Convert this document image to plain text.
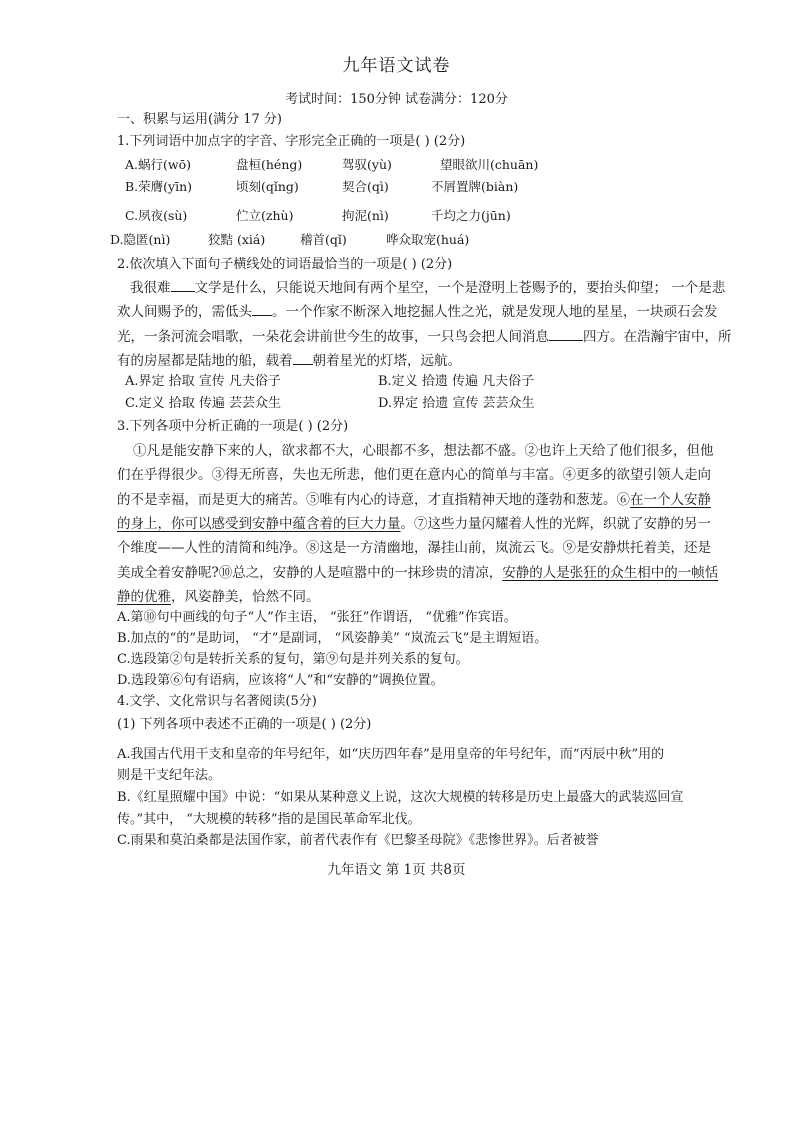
九年语文试卷
考试时间：150分钟 试卷满分：120分
一、积累与运用(满分 17 分)
1.下列词语中加点字的字音、字形完全正确的一项是( ) (2分)
A.蜗行(wō)	盘桓(héng)	驾驭(yù)	望眼欲川(chuān)
B.荣膺(yīn)	顷刻(qǐng)	契合(qì)	不屑置牌(biàn)
C.夙夜(sù)	伫立(zhù)	拘泥(nì)	千均之力(jūn)
D.隐匿(nì)	狡黠 (xiá)	稽首(qǐ)	哗众取宠(huá)
2.依次填入下面句子横线处的词语最恰当的一项是( ) (2分)
我很难 文学是什么，只能说天地间有两个星空，一个是澄明上苍赐予的，要抬头仰望； 一个是悲
欢人间赐予的，需低头 。一个作家不断深入地挖掘人性之光，就是发现人地的星星，一块顽石会发
光，一条河流会唱歌，一朵花会讲前世今生的故事，一只鸟会把人间消息	四方。在浩瀚宇宙中，所
有的房屋都是陆地的船，载着 朝着星光的灯塔，远航。
A.界定 拾取 宣传 凡夫俗子	B.定义 拾遗 传遍 凡夫俗子
C.定义 拾取 传遍 芸芸众生	D.界定 拾遗 宣传 芸芸众生
3.下列各项中分析正确的一项是( ) (2分)
①凡是能安静下来的人，欲求都不大，心眼都不多，想法都不盛。②也许上天给了他们很多，但他
们在乎得很少。③得无所喜，失也无所悲，他们更在意内心的简单与丰富。④更多的欲望引领人走向
的不是幸福，而是更大的痛苦。⑤唯有内心的诗意，才直指精神天地的蓬勃和葱茏。⑥在一个人安静
的身上，你可以感受到安静中蕴含着的巨大力量。⑦这些力量闪耀着人性的光辉，织就了安静的另一
个维度——人性的清简和纯净。⑧这是一方清幽地，瀑挂山前，岚流云飞。⑨是安静烘托着美，还是
美成全着安静呢?⑩总之，安静的人是喧嚣中的一抹珍贵的清凉，安静的人是张狂的众生相中的一帧恬
静的优雅，风姿静美，恰然不同。
A.第⑩句中画线的句子“人”作主语， “张狂”作谓语， “优雅”作宾语。
B.加点的“的”是助词， “才”是副词， “风姿静美” “岚流云飞”是主谓短语。
C.选段第②句是转折关系的复句，第⑨句是并列关系的复句。
D.选段第⑥句有语病，应该将“人”和“安静的”调换位置。
4.文学、文化常识与名著阅读(5分)
(1) 下列各项中表述不正确的一项是( ) (2分)
A.我国古代用干支和皇帝的年号纪年，如“庆历四年春”是用皇帝的年号纪年，而“丙辰中秋”用的
则是干支纪年法。
B.《红星照耀中国》中说：“如果从某种意义上说，这次大规模的转移是历史上最盛大的武装巡回宣
传。”其中， “大规模的转移”指的是国民革命军北伐。
C.雨果和莫泊桑都是法国作家，前者代表作有《巴黎圣母院》《悲惨世界》。后者被誉
九年语文 第 1页 共8页
